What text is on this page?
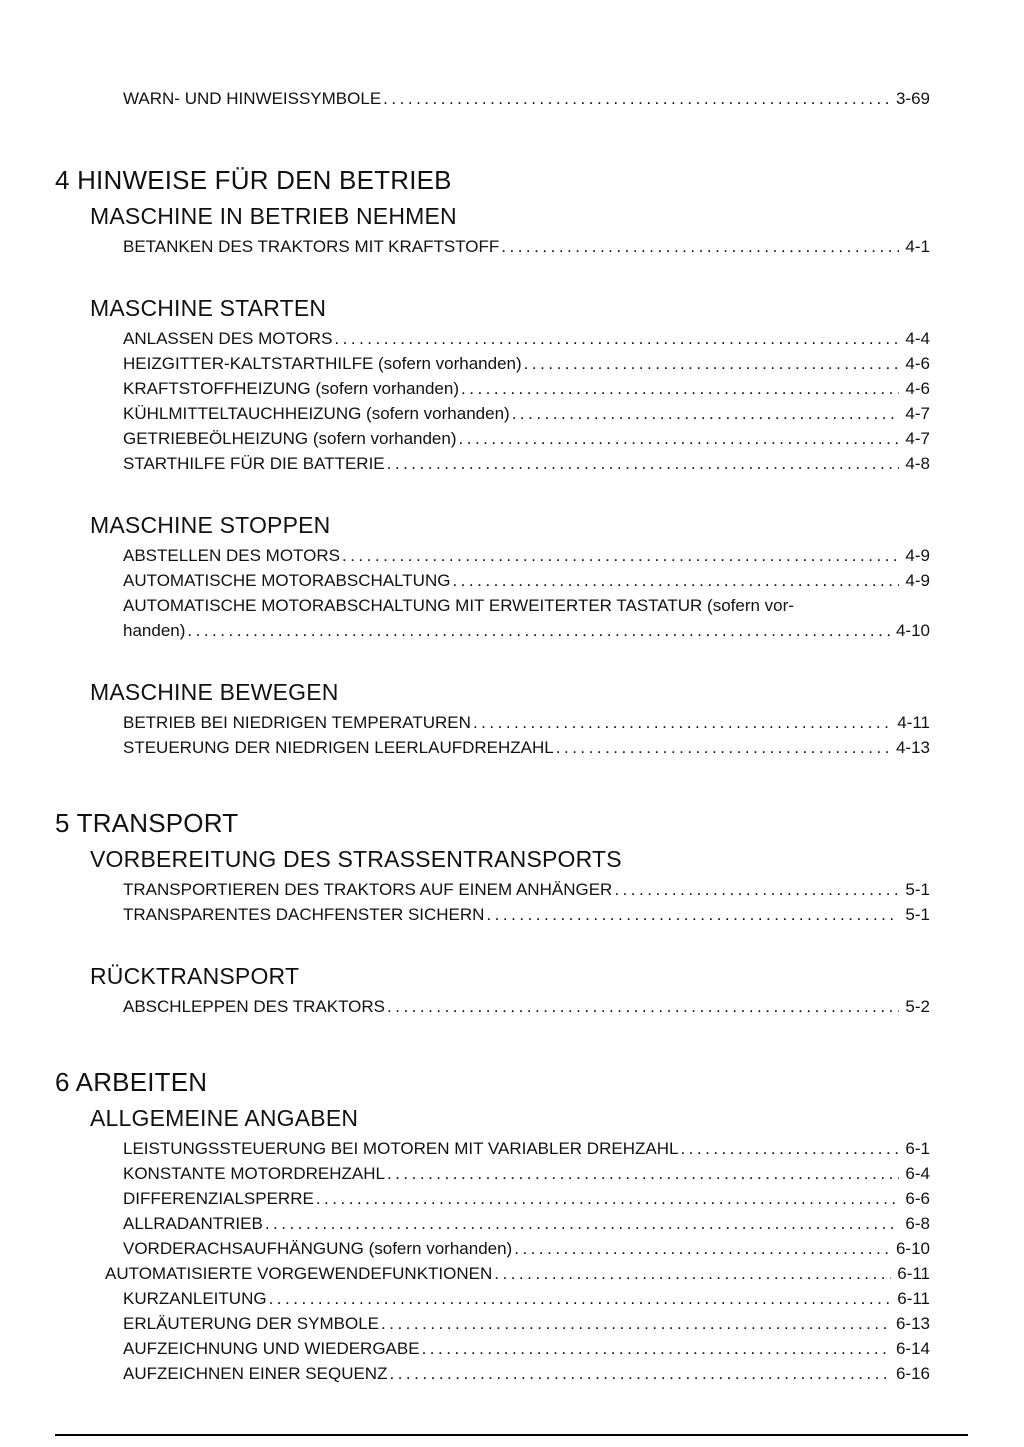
WARN- UND HINWEISSYMBOLE .....	3-69
4 HINWEISE FÜR DEN BETRIEB
MASCHINE IN BETRIEB NEHMEN
BETANKEN DES TRAKTORS MIT KRAFTSTOFF .....	4-1
MASCHINE STARTEN
ANLASSEN DES MOTORS .....	4-4
HEIZGITTER-KALTSTARTHILFE (sofern vorhanden) .....	4-6
KRAFTSTOFFHEIZUNG (sofern vorhanden) .....	4-6
KÜHLMITTELTAUCHHEIZUNG (sofern vorhanden) .....	4-7
GETRIEBEÖLHEIZUNG (sofern vorhanden) .....	4-7
STARTHILFE FÜR DIE BATTERIE .....	4-8
MASCHINE STOPPEN
ABSTELLEN DES MOTORS .....	4-9
AUTOMATISCHE MOTORABSCHALTUNG .....	4-9
AUTOMATISCHE MOTORABSCHALTUNG MIT ERWEITERTER TASTATUR (sofern vor-
handen) .....	4-10
MASCHINE BEWEGEN
BETRIEB BEI NIEDRIGEN TEMPERATUREN .....	4-11
STEUERUNG DER NIEDRIGEN LEERLAUFDREHZAHL .....	4-13
5 TRANSPORT
VORBEREITUNG DES STRASSENTRANSPORTS
TRANSPORTIEREN DES TRAKTORS AUF EINEM ANHÄNGER .....	5-1
TRANSPARENTES DACHFENSTER SICHERN .....	5-1
RÜCKTRANSPORT
ABSCHLEPPEN DES TRAKTORS .....	5-2
6 ARBEITEN
ALLGEMEINE ANGABEN
LEISTUNGSSTEUERUNG BEI MOTOREN MIT VARIABLER DREHZAHL .....	6-1
KONSTANTE MOTORDREHZAHL .....	6-4
DIFFERENZIALSPERRE .....	6-6
ALLRADANTRIEB .....	6-8
VORDERACHSAUFHÄNGUNG (sofern vorhanden) .....	6-10
AUTOMATISIERTE VORGEWENDEFUNKTIONEN .....	6-11
KURZANLEITUNG .....	6-11
ERLÄUTERUNG DER SYMBOLE .....	6-13
AUFZEICHNUNG UND WIEDERGABE .....	6-14
AUFZEICHNEN EINER SEQUENZ .....	6-16
